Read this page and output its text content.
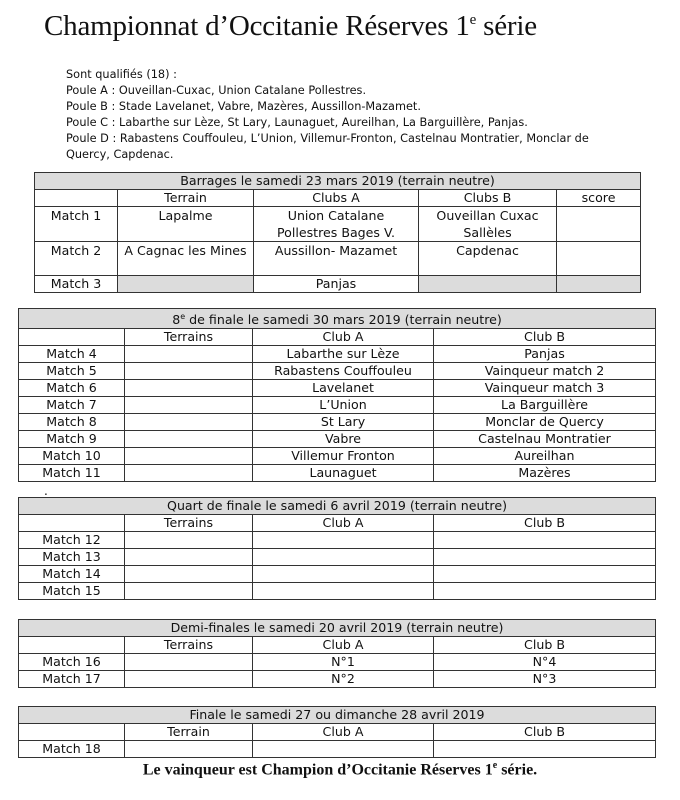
Championnat d’Occitanie Réserves 1e série
Sont qualifiés (18) :
Poule A : Ouveillan-Cuxac, Union Catalane Pollestres.
Poule B : Stade Lavelanet, Vabre, Mazères, Aussillon-Mazamet.
Poule C : Labarthe sur Lèze, St Lary, Launaguet, Aureilhan, La Barguillère, Panjas.
Poule D : Rabastens Couffouleu, L’Union, Villemur-Fronton, Castelnau Montratier, Monclar de
Quercy, Capdenac.
Barrages le samedi 23 mars 2019 (terrain neutre)				
	Terrain	Clubs A	Clubs B	score
Match 1	Lapalme	Union Catalane Pollestres Bages V.	Ouveillan Cuxac Sallèles	
Match 2	A Cagnac les Mines	Aussillon- Mazamet	Capdenac	
Match 3		Panjas		
8e de finale le samedi 30 mars 2019 (terrain neutre)			
	Terrains	Club A	Club B
Match 4		Labarthe sur Lèze	Panjas
Match 5		Rabastens Couffouleu	Vainqueur match 2
Match 6		Lavelanet	Vainqueur match 3
Match 7		L’Union	La Barguillère
Match 8		St Lary	Monclar de Quercy
Match 9		Vabre	Castelnau Montratier
Match 10		Villemur Fronton	Aureilhan
Match 11		Launaguet	Mazères
.
Quart de finale le samedi 6 avril 2019 (terrain neutre)			
	Terrains	Club A	Club B
Match 12			
Match 13			
Match 14			
Match 15			
Demi-finales le samedi 20 avril 2019 (terrain neutre)			
	Terrains	Club A	Club B
Match 16		N°1	N°4
Match 17		N°2	N°3
Finale le samedi 27 ou dimanche 28 avril 2019			
	Terrain	Club A	Club B
Match 18			
Le vainqueur est Champion d’Occitanie Réserves 1e série.
